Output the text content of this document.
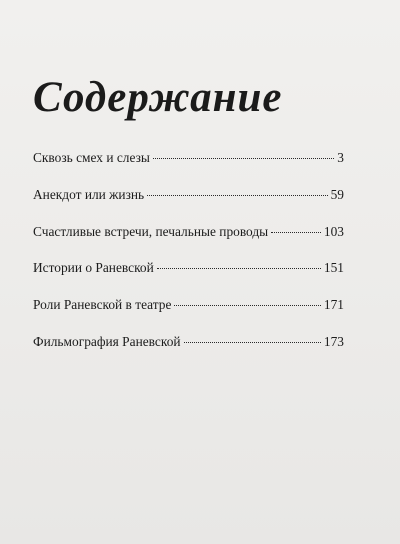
Содержание
Сквозь смех и слезы	3
Анекдот или жизнь	59
Счастливые встречи, печальные проводы	103
Истории о Раневской	151
Роли Раневской в театре	171
Фильмография Раневской	173
